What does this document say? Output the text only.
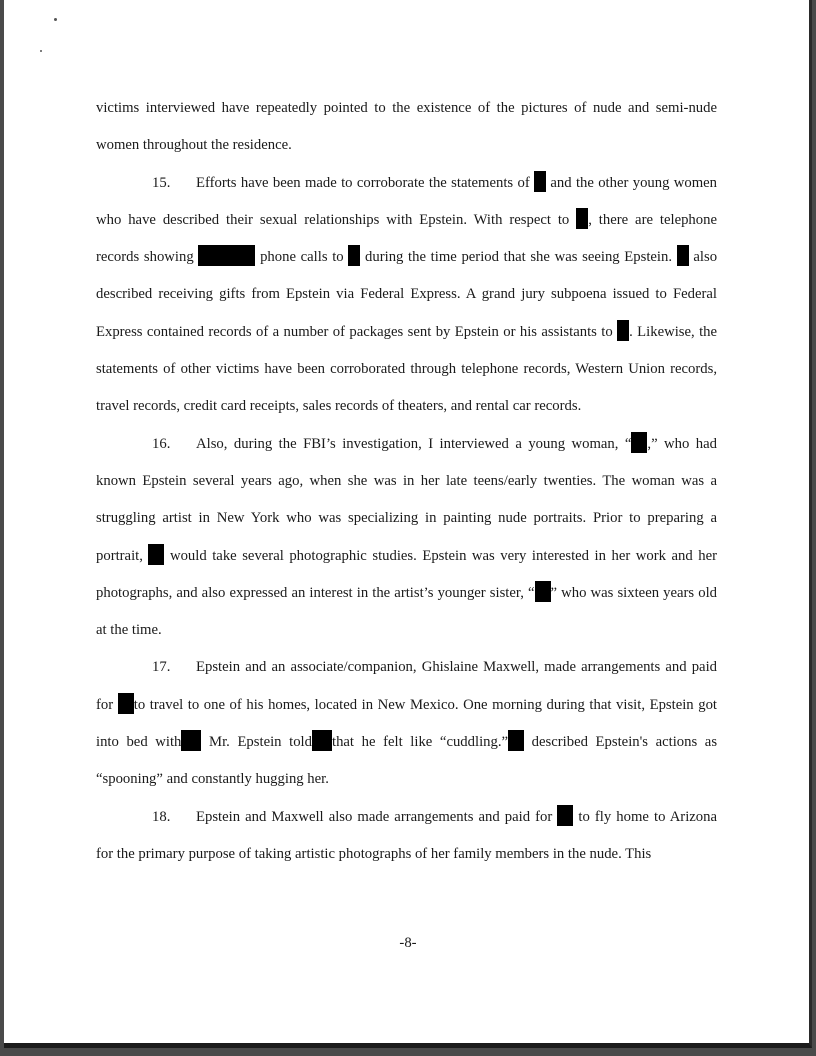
victims interviewed have repeatedly pointed to the existence of the pictures of nude and semi-nude women throughout the residence.

15. Efforts have been made to corroborate the statements of and the other young women who have described their sexual relationships with Epstein. With respect to , there are telephone records showing	phone calls to during the time period that she was seeing Epstein. also described receiving gifts from Epstein via Federal Express. A grand jury subpoena issued to Federal Express contained records of a number of packages sent by Epstein or his assistants to . Likewise, the statements of other victims have been corroborated through telephone records, Western Union records, travel records, credit card receipts, sales records of theaters, and rental car records.

16. Also, during the FBI’s investigation, I interviewed a young woman, “ ,” who had known Epstein several years ago, when she was in her late teens/early twenties. The woman was a struggling artist in New York who was specializing in painting nude portraits. Prior to preparing a portrait, would take several photographic studies. Epstein was very interested in her work and her photographs, and also expressed an interest in the artist’s younger sister, “ ” who was sixteen years old at the time.

17. Epstein and an associate/companion, Ghislaine Maxwell, made arrangements and paid for to travel to one of his homes, located in New Mexico. One morning during that visit, Epstein got into bed with Mr. Epstein told that he felt like “cuddling.” described Epstein's actions as “spooning” and constantly hugging her.

18. Epstein and Maxwell also made arrangements and paid for to fly home to Arizona for the primary purpose of taking artistic photographs of her family members in the nude. This

-8-
